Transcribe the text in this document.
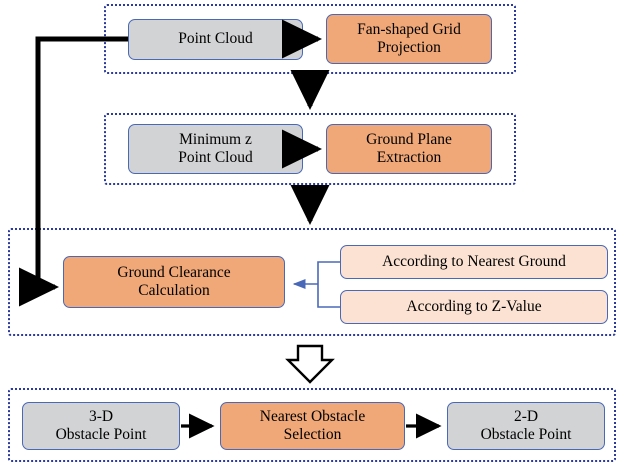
Point Cloud
Fan-shaped Grid
Projection
Minimum z
Point Cloud
Ground Plane
Extraction
Ground Clearance
Calculation
According to Nearest Ground
According to Z-Value
3-D
Obstacle Point
Nearest Obstacle
Selection
2-D
Obstacle Point
